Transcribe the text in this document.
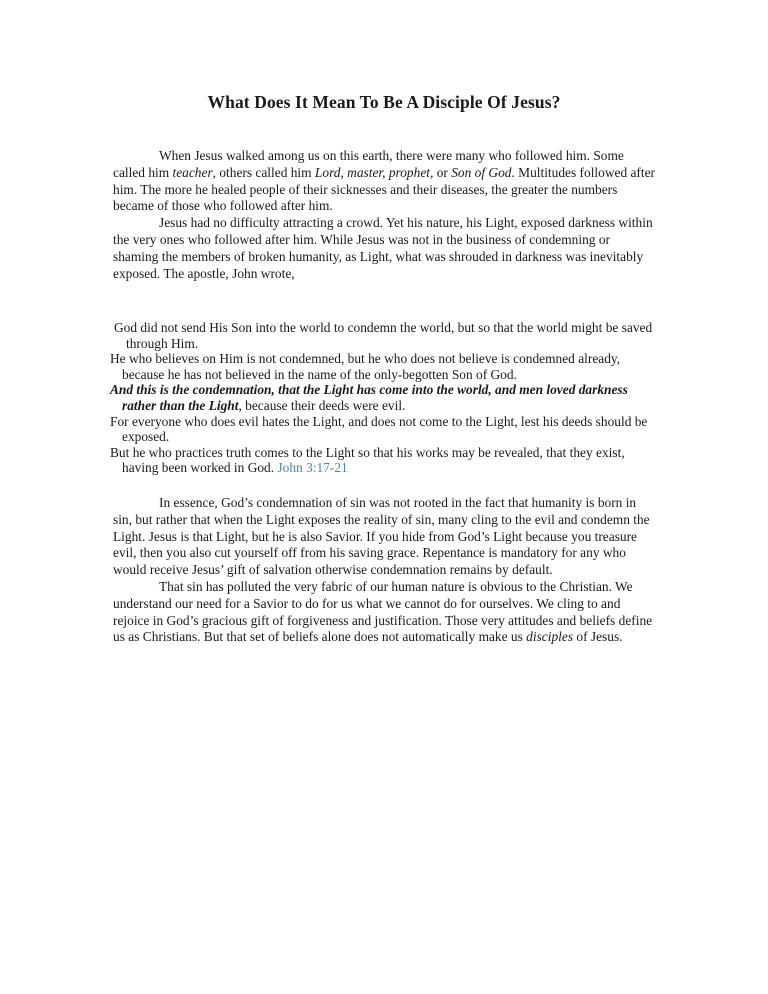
What Does It Mean To Be A Disciple Of Jesus?

When Jesus walked among us on this earth, there were many who followed him. Some called him teacher, others called him Lord, master, prophet, or Son of God. Multitudes followed after him. The more he healed people of their sicknesses and their diseases, the greater the numbers became of those who followed after him.

Jesus had no difficulty attracting a crowd. Yet his nature, his Light, exposed darkness within the very ones who followed after him. While Jesus was not in the business of condemning or shaming the members of broken humanity, as Light, what was shrouded in darkness was inevitably exposed. The apostle, John wrote,

God did not send His Son into the world to condemn the world, but so that the world might be saved through Him.

He who believes on Him is not condemned, but he who does not believe is condemned already, because he has not believed in the name of the only-begotten Son of God.

And this is the condemnation, that the Light has come into the world, and men loved darkness rather than the Light, because their deeds were evil.

For everyone who does evil hates the Light, and does not come to the Light, lest his deeds should be exposed.

But he who practices truth comes to the Light so that his works may be revealed, that they exist, having been worked in God. John 3:17-21

In essence, God’s condemnation of sin was not rooted in the fact that humanity is born in sin, but rather that when the Light exposes the reality of sin, many cling to the evil and condemn the Light. Jesus is that Light, but he is also Savior. If you hide from God’s Light because you treasure evil, then you also cut yourself off from his saving grace. Repentance is mandatory for any who would receive Jesus’ gift of salvation otherwise condemnation remains by default.

That sin has polluted the very fabric of our human nature is obvious to the Christian. We understand our need for a Savior to do for us what we cannot do for ourselves. We cling to and rejoice in God’s gracious gift of forgiveness and justification. Those very attitudes and beliefs define us as Christians. But that set of beliefs alone does not automatically make us disciples of Jesus.
